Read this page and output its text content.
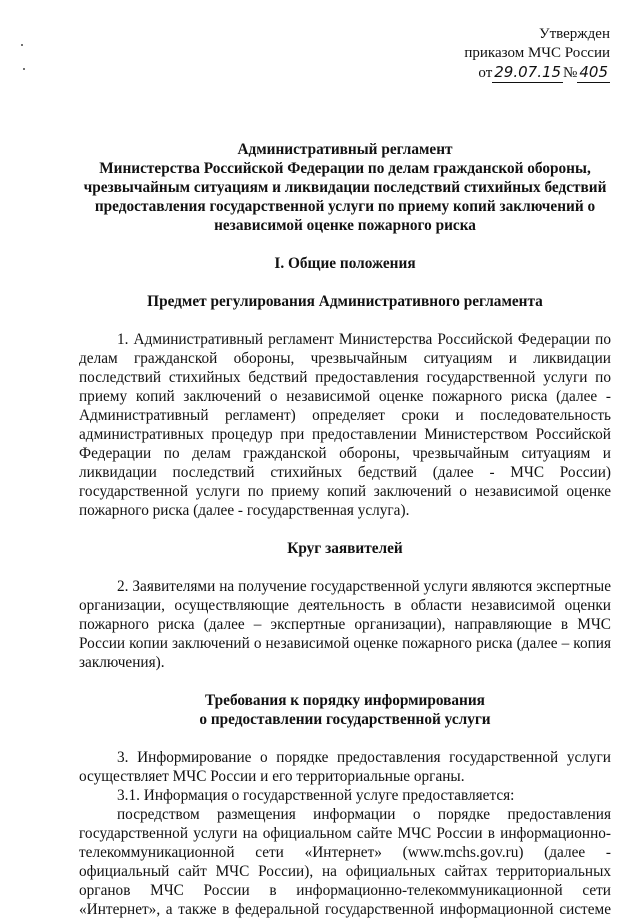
Утвержден
приказом МЧС России
от 29.07.15 № 405
Административный регламент
Министерства Российской Федерации по делам гражданской обороны,
чрезвычайным ситуациям и ликвидации последствий стихийных бедствий
предоставления государственной услуги по приему копий заключений о
независимой оценке пожарного риска
I. Общие положения
Предмет регулирования Административного регламента

1. Административный регламент Министерства Российской Федерации по делам гражданской обороны, чрезвычайным ситуациям и ликвидации последствий стихийных бедствий предоставления государственной услуги по приему копий заключений о независимой оценке пожарного риска (далее - Административный регламент) определяет сроки и последовательность административных процедур при предоставлении Министерством Российской Федерации по делам гражданской обороны, чрезвычайным ситуациям и ликвидации последствий стихийных бедствий (далее - МЧС России) государственной услуги по приему копий заключений о независимой оценке пожарного риска (далее - государственная услуга).

Круг заявителей

2. Заявителями на получение государственной услуги являются экспертные организации, осуществляющие деятельность в области независимой оценки пожарного риска (далее – экспертные организации), направляющие в МЧС России копии заключений о независимой оценке пожарного риска (далее – копия заключения).

Требования к порядку информирования
о предоставлении государственной услуги

3. Информирование о порядке предоставления государственной услуги осуществляет МЧС России и его территориальные органы.

3.1. Информация о государственной услуге предоставляется:

посредством размещения информации о порядке предоставления государственной услуги на официальном сайте МЧС России в информационно-телекоммуникационной сети «Интернет» (www.mchs.gov.ru) (далее - официальный сайт МЧС России), на официальных сайтах территориальных органов МЧС России в информационно-телекоммуникационной сети «Интернет», а также в федеральной государственной информационной системе
